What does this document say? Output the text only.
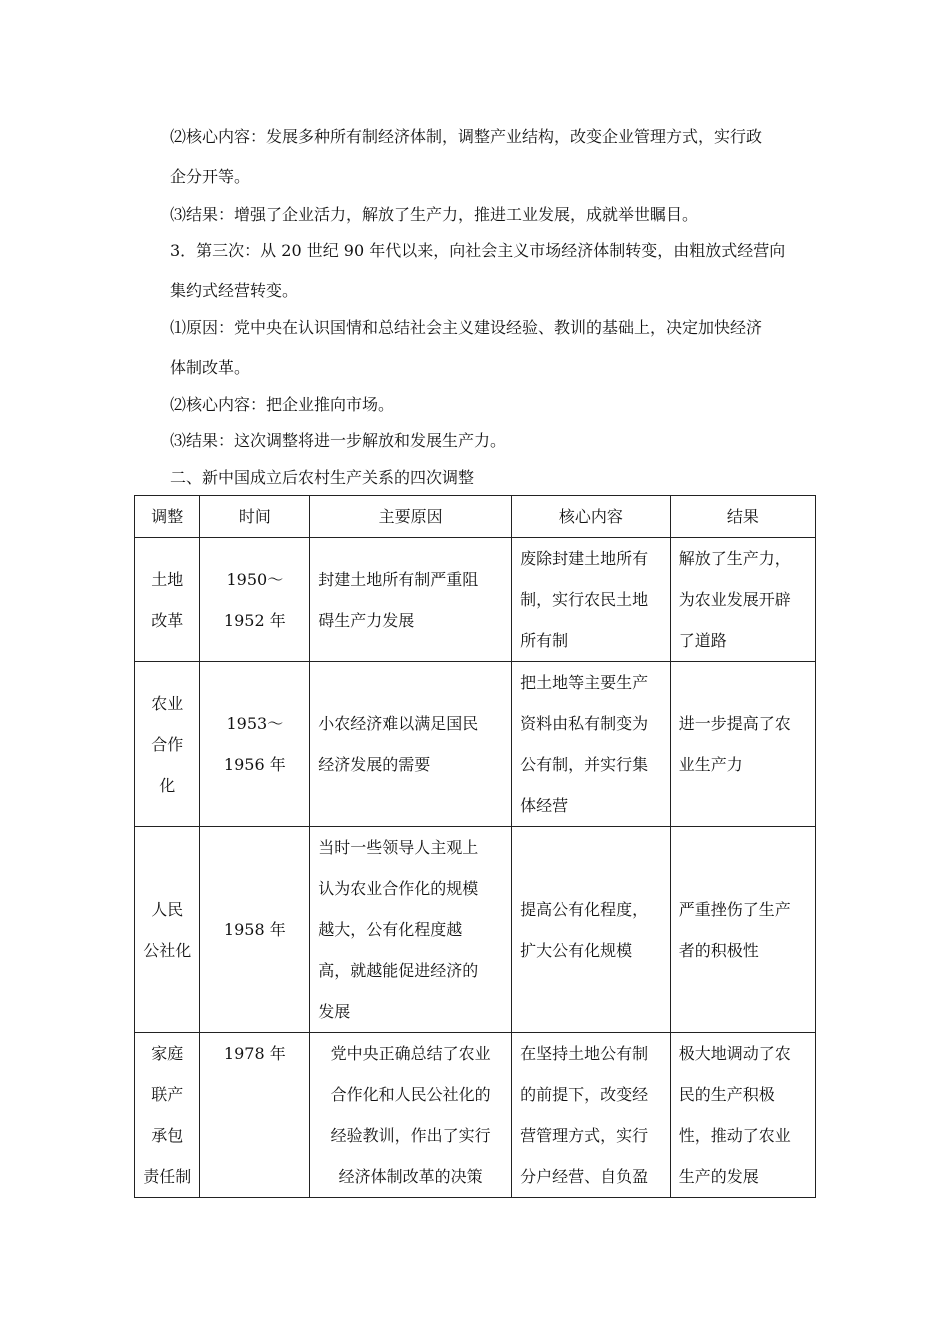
⑵核心内容：发展多种所有制经济体制，调整产业结构，改变企业管理方式，实行政
企分开等。
⑶结果：增强了企业活力，解放了生产力，推进工业发展，成就举世瞩目。
3．第三次：从 20 世纪 90 年代以来，向社会主义市场经济体制转变，由粗放式经营向
集约式经营转变。
⑴原因：党中央在认识国情和总结社会主义建设经验、教训的基础上，决定加快经济
体制改革。
⑵核心内容：把企业推向市场。
⑶结果：这次调整将进一步解放和发展生产力。
二、新中国成立后农村生产关系的四次调整
调整	时间	主要原因	核心内容	结果

土地
改革	1950～
1952 年	封建土地所有制严重阻
碍生产力发展	废除封建土地所有
制，实行农民土地
所有制	解放了生产力，
为农业发展开辟
了道路

农业
合作
化	1953～
1956 年	小农经济难以满足国民
经济发展的需要	把土地等主要生产
资料由私有制变为
公有制，并实行集
体经营	进一步提高了农
业生产力

人民
公社化	1958 年	当时一些领导人主观上
认为农业合作化的规模
越大，公有化程度越
高，就越能促进经济的
发展	提高公有化程度，
扩大公有化规模	严重挫伤了生产
者的积极性

家庭
联产
承包
责任制	1978 年	党中央正确总结了农业
合作化和人民公社化的
经验教训，作出了实行
经济体制改革的决策	在坚持土地公有制
的前提下，改变经
营管理方式，实行
分户经营、自负盈	极大地调动了农
民的生产积极
性，推动了农业
生产的发展
